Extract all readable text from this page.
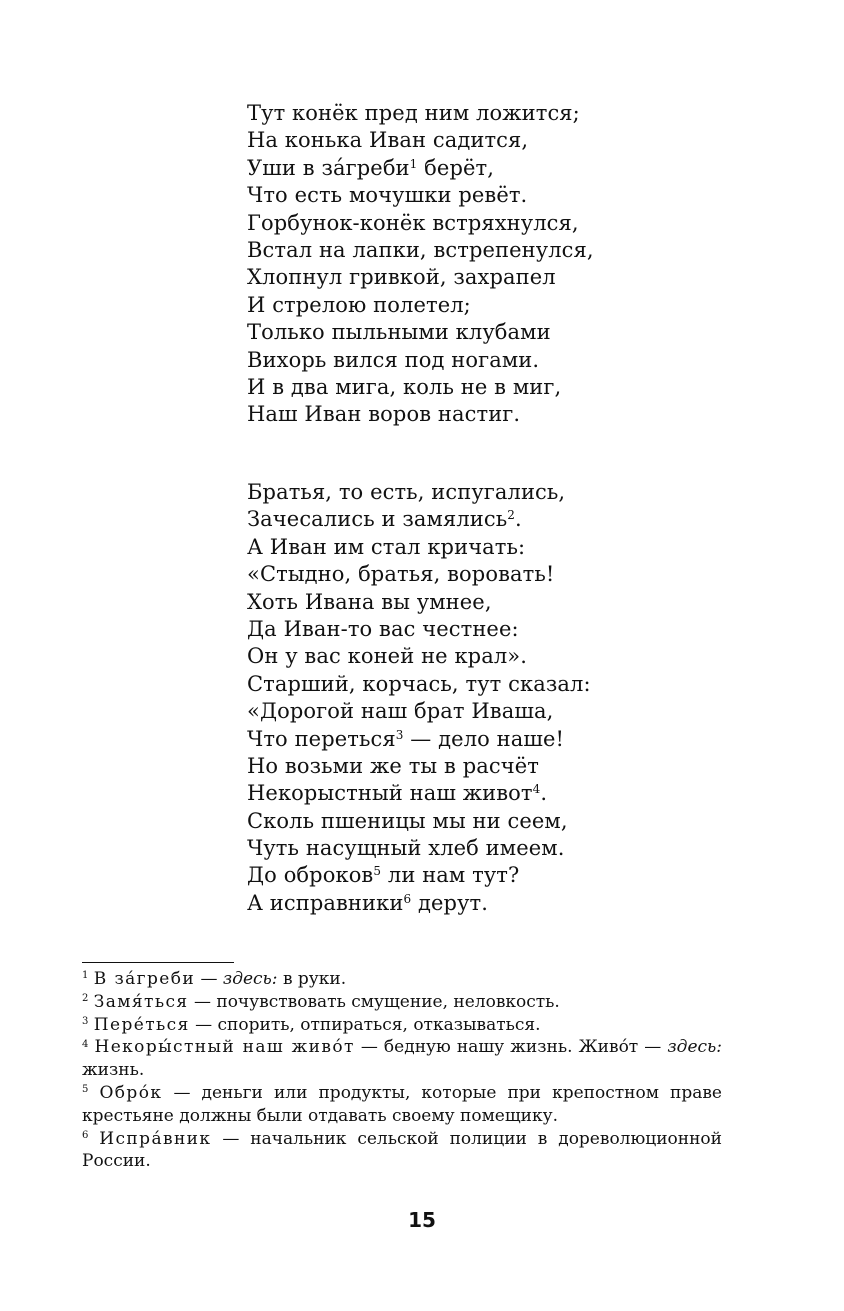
Тут конёк пред ним ложится;
На конька Иван садится,
Уши в за́греби$^1$ берёт,
Что есть мочушки ревёт.
Горбунок-конёк встряхнулся,
Встал на лапки, встрепенулся,
Хлопнул гривкой, захрапел
И стрелою полетел;
Только пыльными клубами
Вихорь вился под ногами.
И в два мига, коль не в миг,
Наш Иван воров настиг.
Братья, то есть, испугались,
Зачесались и замялись$^2$.
А Иван им стал кричать:
«Стыдно, братья, воровать!
Хоть Ивана вы умнее,
Да Иван-то вас честнее:
Он у вас коней не крал».
Старший, корчась, тут сказал:
«Дорогой наш брат Иваша,
Что переться$^3$ — дело наше!
Но возьми же ты в расчёт
Некорыстный наш живот$^4$.
Сколь пшеницы мы ни сеем,
Чуть насущный хлеб имеем.
До оброков$^5$ ли нам тут?
А исправники$^6$ дерут.
$^1$ В за́греби — здесь: в руки.
$^2$ Замя́ться — почувствовать смущение, неловкость.
$^3$ Пере́ться — спорить, отпираться, отказываться.
$^4$ Некоры́стный наш живо́т — бедную нашу жизнь. Живо́т — здесь: жизнь.
$^5$ Обро́к — деньги или продукты, которые при крепостном праве крестьяне должны были отдавать своему помещику.
$^6$ Испра́вник — начальник сельской полиции в дореволюционной России.
15
